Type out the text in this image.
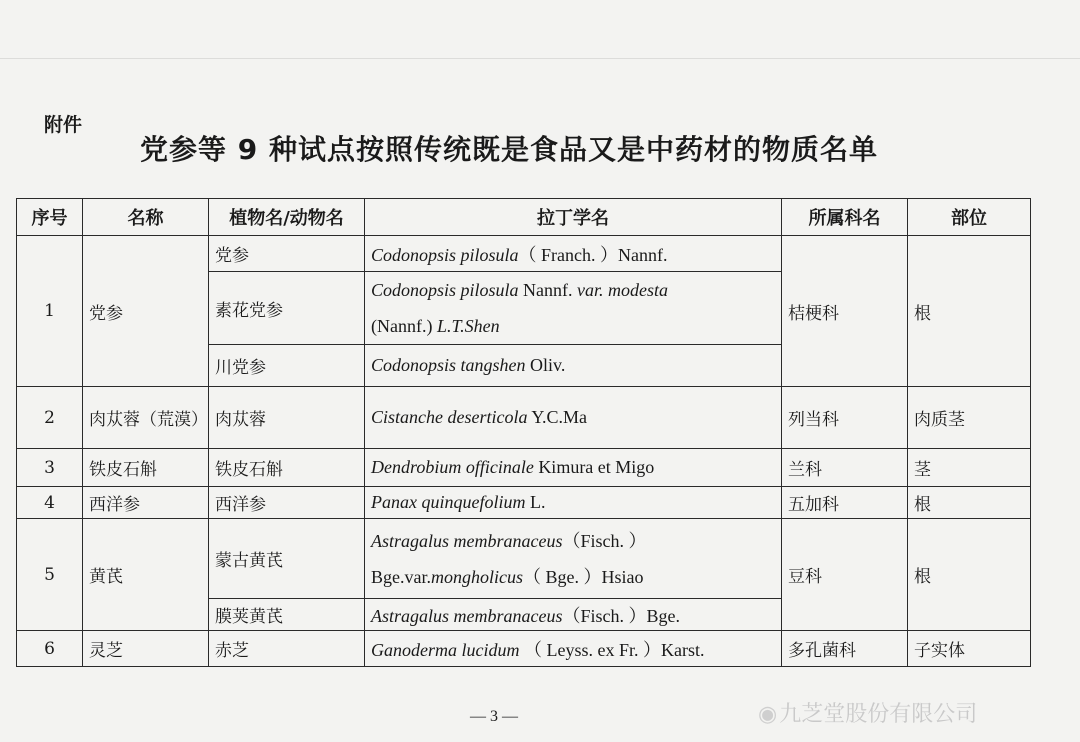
附件
党参等 9 种试点按照传统既是食品又是中药材的物质名单
序号	名称	植物名/动物名	拉丁学名	所属科名	部位
1	党参	党参	Codonopsis pilosula（ Franch. ）Nannf.	桔梗科	根
		素花党参	Codonopsis pilosula Nannf. var. modesta
(Nannf.) L.T.Shen		

		川党参	Codonopsis tangshen Oliv.		
2	肉苁蓉（荒漠）	肉苁蓉	Cistanche deserticola Y.C.Ma	列当科	肉质茎
3	铁皮石斛	铁皮石斛	Dendrobium officinale Kimura et Migo	兰科	茎
4	西洋参	西洋参	Panax quinquefolium L.	五加科	根
5	黄芪	蒙古黄芪	Astragalus membranaceus（Fisch. ）
Bge.var.mongholicus（ Bge. ）Hsiao	豆科	根
		膜荚黄芪	Astragalus membranaceus（Fisch. ）Bge.		
6	灵芝	赤芝	Ganoderma lucidum （ Leyss. ex Fr. ）Karst.	多孔菌科	子实体
— 3 —	◉九芝堂股份有限公司
